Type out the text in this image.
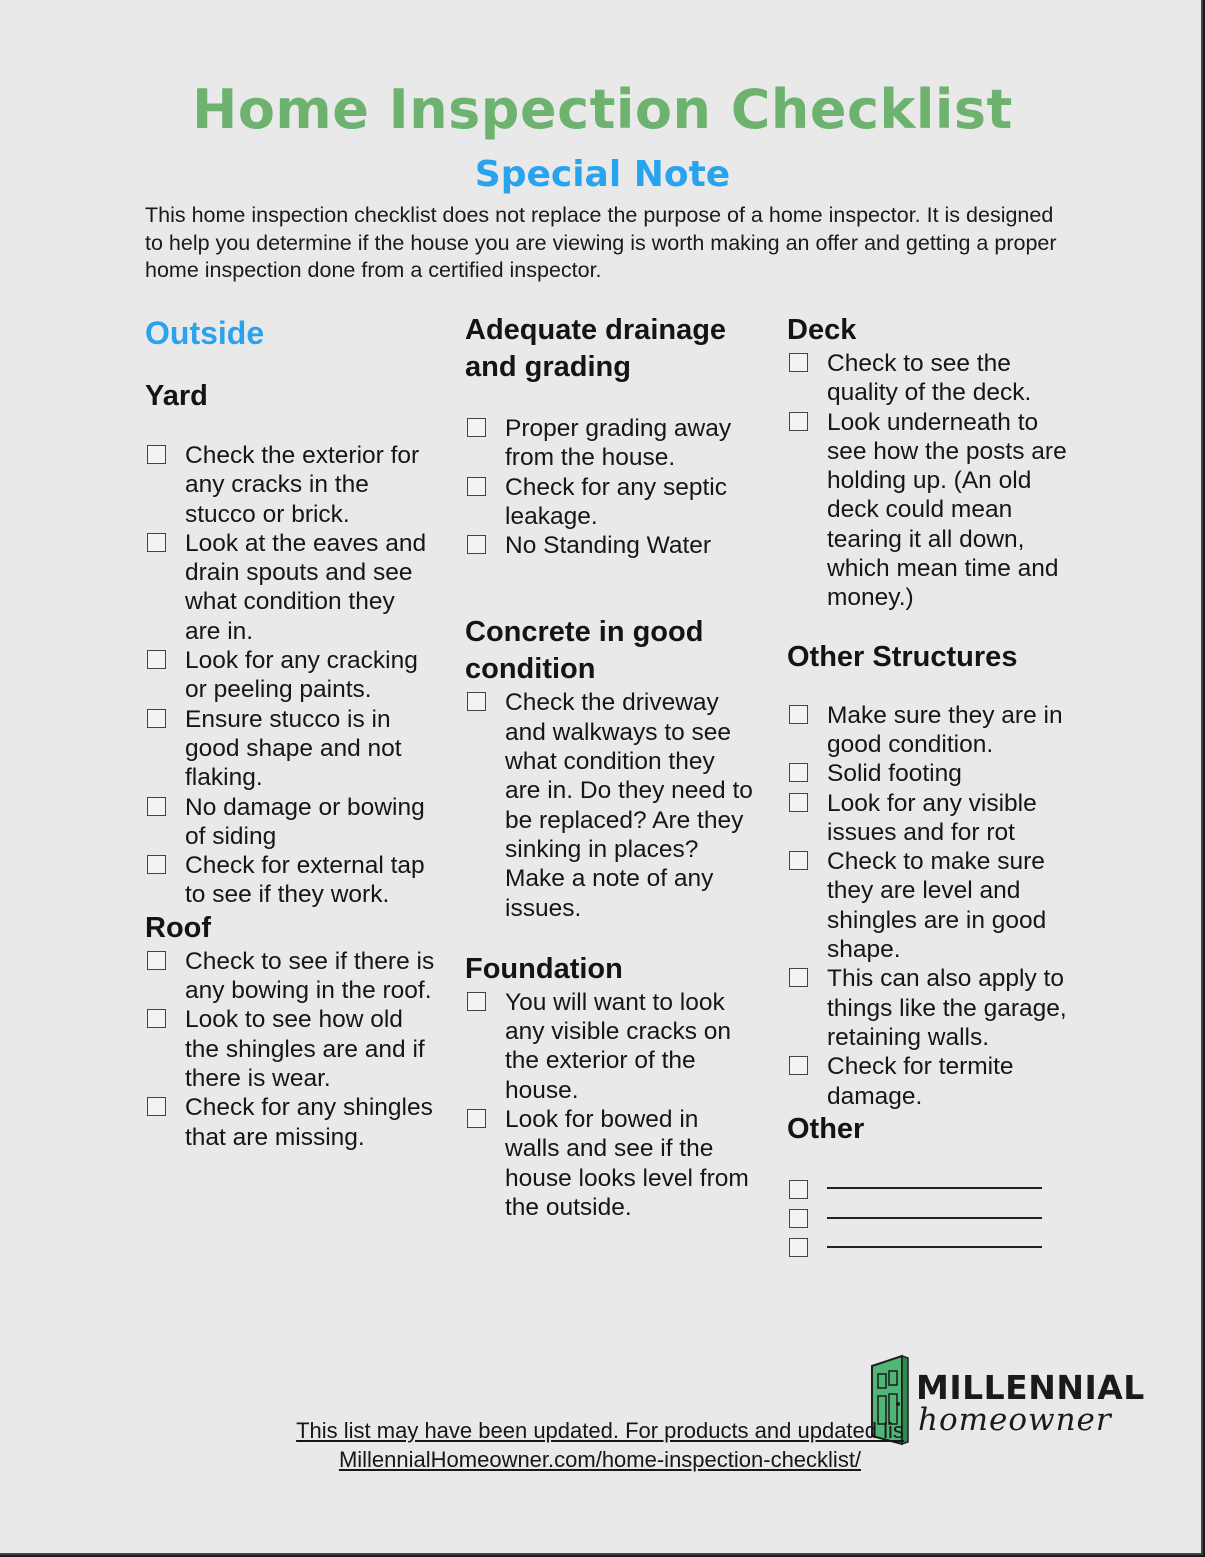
Home Inspection Checklist
Special Note
This home inspection checklist does not replace the purpose of a home inspector. It is designed to help you determine if the house you are viewing is worth making an offer and getting a proper home inspection done from a certified inspector.
Outside
Yard
Check the exterior for any cracks in the stucco or brick.
Look at the eaves and drain spouts and see what condition they are in.
Look for any cracking or peeling paints.
Ensure stucco is in good shape and not flaking.
No damage or bowing of siding
Check for external tap to see if they work.
Roof
Check to see if there is any bowing in the roof.
Look to see how old the shingles are and if there is wear.
Check for any shingles that are missing.
Adequate drainage and grading
Proper grading away from the house.
Check for any septic leakage.
No Standing Water
Concrete in good condition
Check the driveway and walkways to see what condition they are in. Do they need to be replaced? Are they sinking in places? Make a note of any issues.
Foundation
You will want to look any visible cracks on the exterior of the house.
Look for bowed in walls and see if the house looks level from the outside.
Deck
Check to see the quality of the deck.
Look underneath to see how the posts are holding up. (An old deck could mean tearing it all down, which mean time and money.)
Other Structures
Make sure they are in good condition.
Solid footing
Look for any visible issues and for rot
Check to make sure they are level and shingles are in good shape.
This can also apply to things like the garage, retaining walls.
Check for termite damage.
Other
MILLENNIAL
homeowner
This list may have been updated. For products and updated lis
MillennialHomeowner.com/home-inspection-checklist/
